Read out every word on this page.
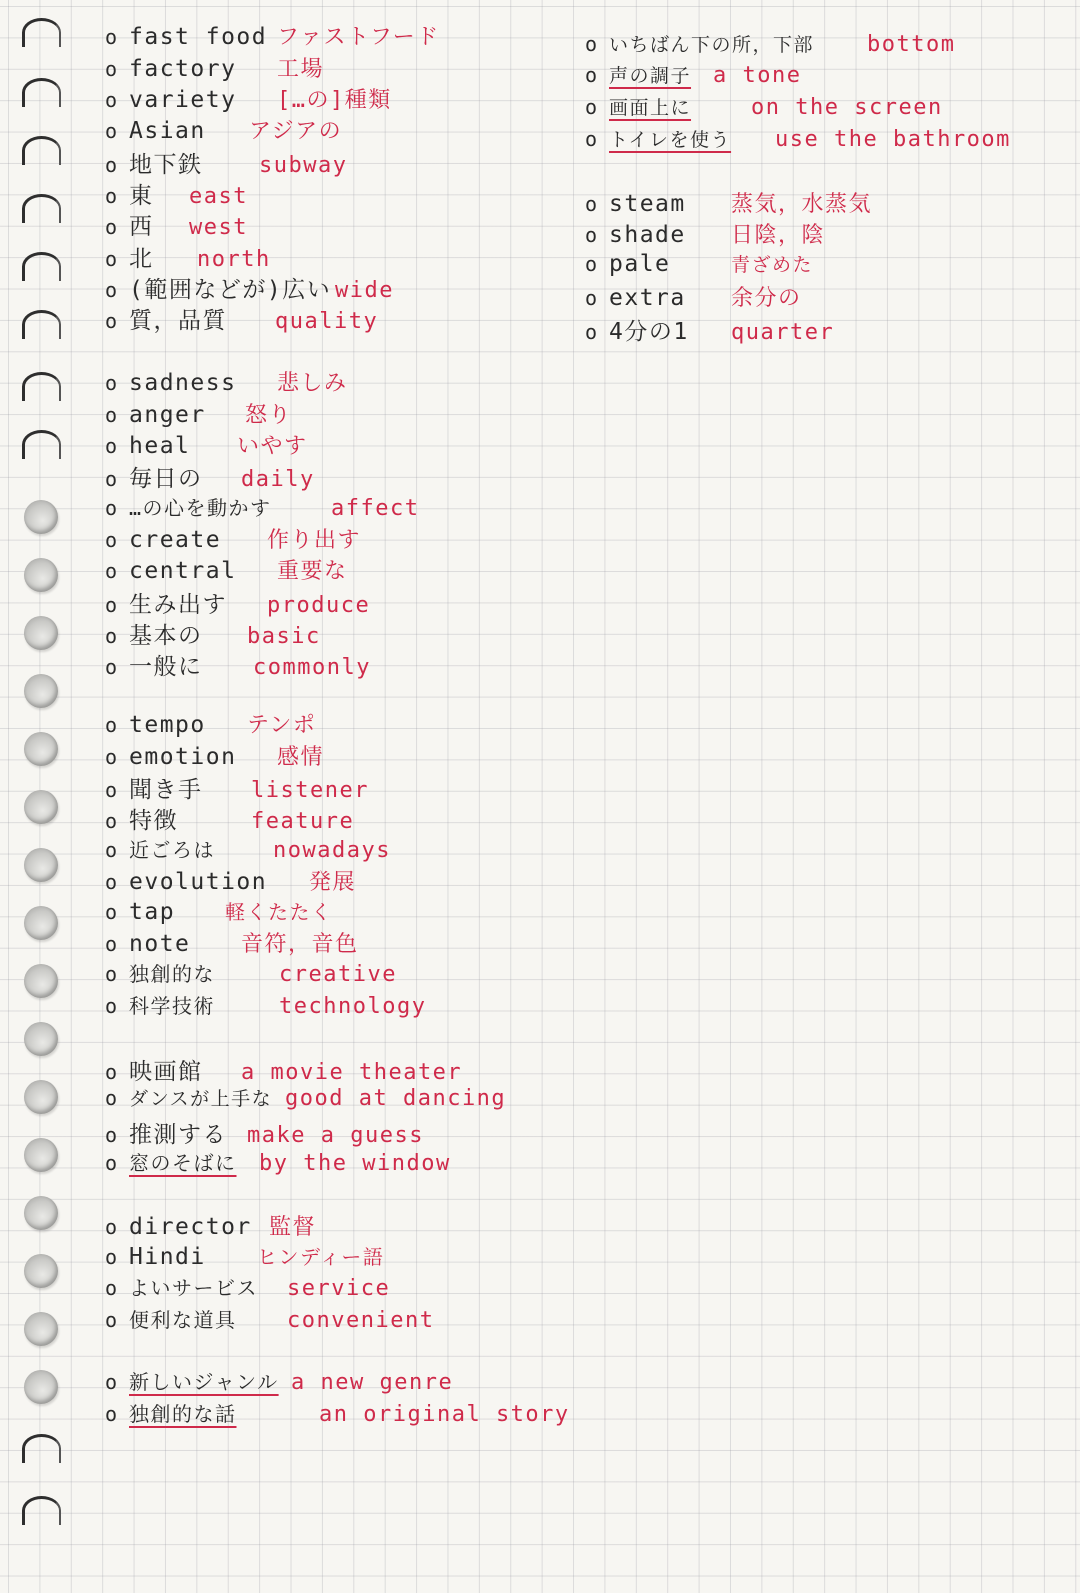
o fast food ファストフード
o factory	工場
o variety	[…の]種類
o Asian	アジアの
o 地下鉄	subway
o 東	east
o 西	west
o 北	north
o (範囲などが)広い wide
o 質，品質	quality
o sadness	悲しみ
o anger	怒り
o heal	いやす
o 毎日の	daily
o …の心を動かす	affect
o create	作り出す
o central	重要な
o 生み出す	produce
o 基本の	basic
o 一般に	commonly
o tempo	テンポ
o emotion	感情
o 聞き手	listener
o 特徴	feature
o 近ごろは	nowadays
o evolution	発展
o tap	軽くたたく
o note	音符，音色
o 独創的な	creative
o 科学技術	technology
o 映画館	a movie theater
o ダンスが上手な good at dancing
o 推測する make a guess
o 窓のそばに	by the window
o director 監督
o Hindi	ヒンディー語
o よいサービス	service
o 便利な道具	convenient
o 新しいジャンル a new genre
o 独創的な話	an original story
o いちばん下の所，下部	bottom
o 声の調子 a tone
o 画面上に	on the screen
o トイレを使う	use the bathroom
o steam	蒸気，水蒸気
o shade	日陰，陰
o pale	青ざめた
o extra	余分の
o 4分の1	quarter
